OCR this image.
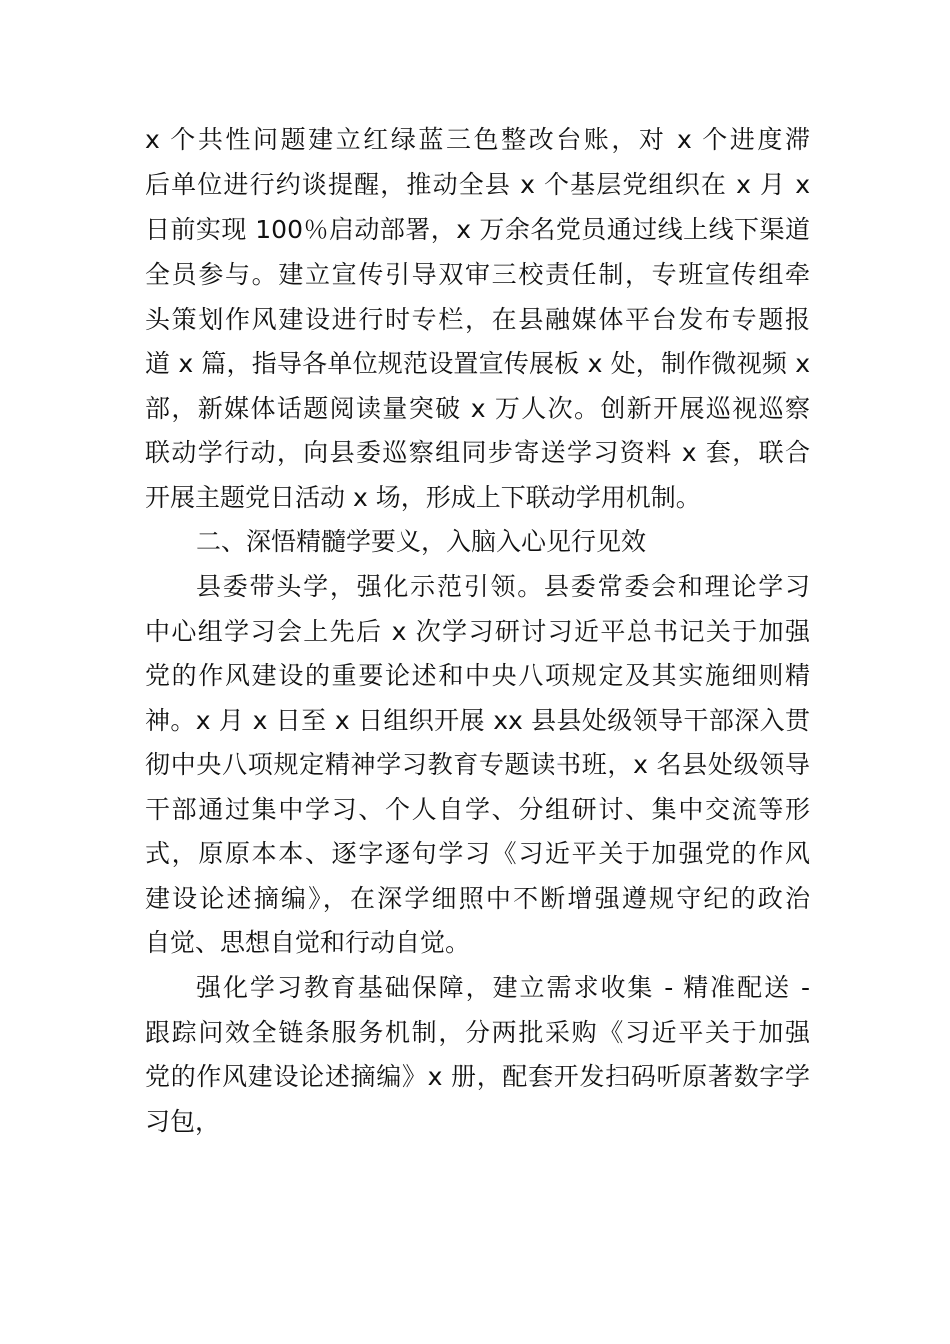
x 个共性问题建立红绿蓝三色整改台账，对 x 个进度滞
后单位进行约谈提醒，推动全县 x 个基层党组织在 x 月 x
日前实现 100％启动部署，x 万余名党员通过线上线下渠道
全员参与。建立宣传引导双审三校责任制，专班宣传组牵
头策划作风建设进行时专栏，在县融媒体平台发布专题报
道 x 篇，指导各单位规范设置宣传展板 x 处，制作微视频 x
部，新媒体话题阅读量突破 x 万人次。创新开展巡视巡察
联动学行动，向县委巡察组同步寄送学习资料 x 套，联合
开展主题党日活动 x 场，形成上下联动学用机制。
二、深悟精髓学要义，入脑入心见行见效
县委带头学，强化示范引领。县委常委会和理论学习
中心组学习会上先后 x 次学习研讨习近平总书记关于加强
党的作风建设的重要论述和中央八项规定及其实施细则精
神。x 月 x 日至 x 日组织开展 xx 县县处级领导干部深入贯
彻中央八项规定精神学习教育专题读书班，x 名县处级领导
干部通过集中学习、个人自学、分组研讨、集中交流等形
式，原原本本、逐字逐句学习《习近平关于加强党的作风
建设论述摘编》，在深学细照中不断增强遵规守纪的政治
自觉、思想自觉和行动自觉。
强化学习教育基础保障，建立需求收集 - 精准配送 -
跟踪问效全链条服务机制，分两批采购《习近平关于加强
党的作风建设论述摘编》x 册，配套开发扫码听原著数字学
习包，
